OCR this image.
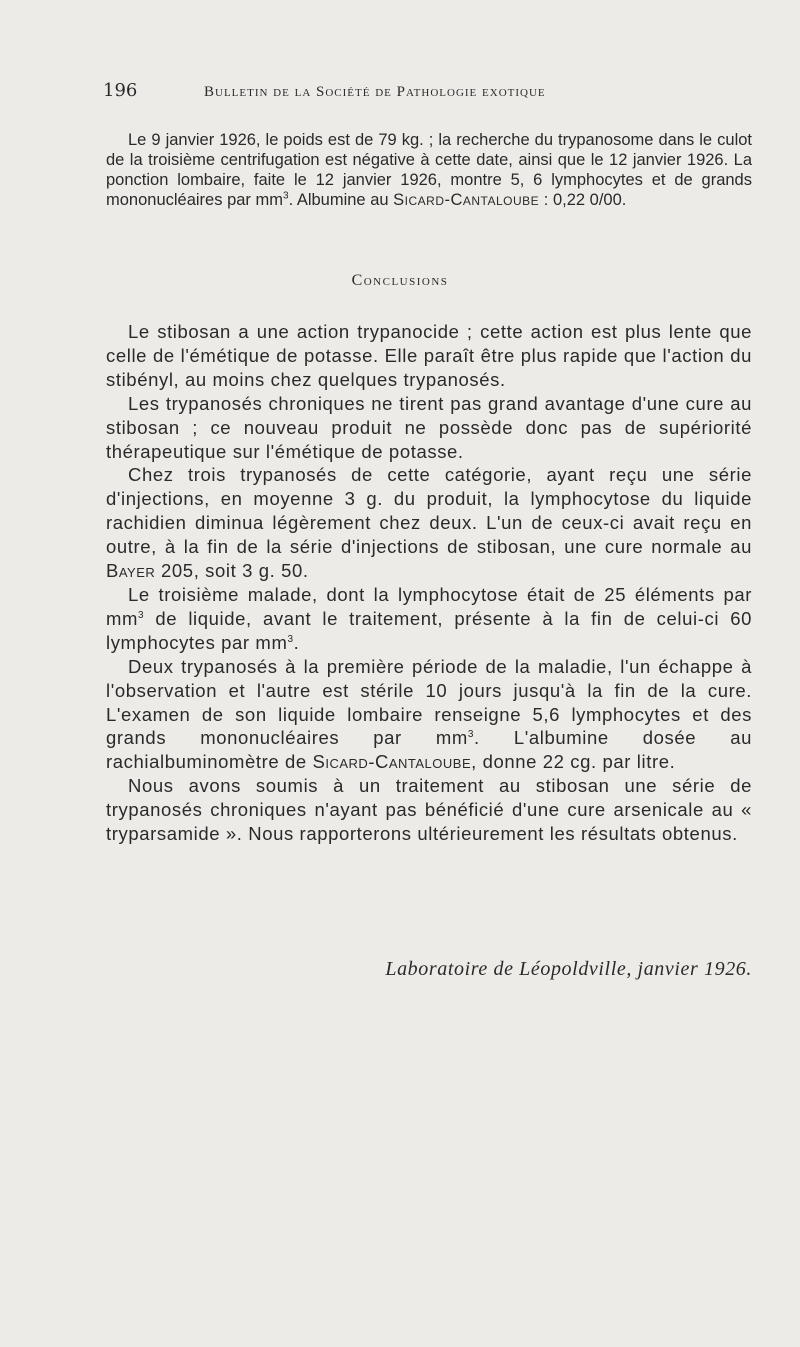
196	Bulletin de la Société de Pathologie exotique

Le 9 janvier 1926, le poids est de 79 kg. ; la recherche du trypanosome dans le culot de la troisième centrifugation est négative à cette date, ainsi que le 12 janvier 1926. La ponction lombaire, faite le 12 janvier 1926, montre 5, 6 lymphocytes et de grands mononucléaires par $mm^3$. Albumine au Sicard-Cantaloube : 0,22 0/00.

Conclusions

Le stibosan a une action trypanocide ; cette action est plus lente que celle de l'émétique de potasse. Elle paraît être plus rapide que l'action du stibényl, au moins chez quelques trypanosés.

Les trypanosés chroniques ne tirent pas grand avantage d'une cure au stibosan ; ce nouveau produit ne possède donc pas de supériorité thérapeutique sur l'émétique de potasse.

Chez trois trypanosés de cette catégorie, ayant reçu une série d'injections, en moyenne 3 g. du produit, la lymphocytose du liquide rachidien diminua légèrement chez deux. L'un de ceux-ci avait reçu en outre, à la fin de la série d'injections de stibosan, une cure normale au Bayer 205, soit 3 g. 50.

Le troisième malade, dont la lymphocytose était de 25 éléments par $mm^3$ de liquide, avant le traitement, présente à la fin de celui-ci 60 lymphocytes par $mm^3$.

Deux trypanosés à la première période de la maladie, l'un échappe à l'observation et l'autre est stérile 10 jours jusqu'à la fin de la cure. L'examen de son liquide lombaire renseigne 5,6 lymphocytes et des grands mononucléaires par $mm^3$. L'albumine dosée au rachialbuminomètre de Sicard-Cantaloube, donne 22 cg. par litre.

Nous avons soumis à un traitement au stibosan une série de trypanosés chroniques n'ayant pas bénéficié d'une cure arsenicale au « tryparsamide ». Nous rapporterons ultérieurement les résultats obtenus.

Laboratoire de Léopoldville, janvier 1926.
